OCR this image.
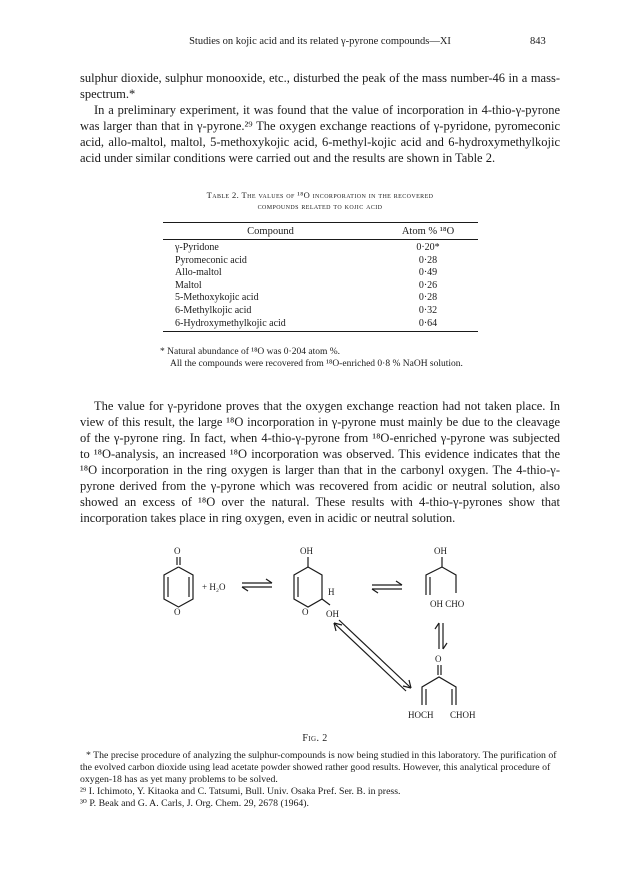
Studies on kojic acid and its related γ-pyrone compounds—XI	843

sulphur dioxide, sulphur monooxide, etc., disturbed the peak of the mass number-46 in a mass-spectrum.*

In a preliminary experiment, it was found that the value of incorporation in 4-thio-γ-pyrone was larger than that in γ-pyrone.²⁹ The oxygen exchange reactions of γ-pyridone, pyromeconic acid, allo-maltol, maltol, 5-methoxykojic acid, 6-methyl-kojic acid and 6-hydroxymethylkojic acid under similar conditions were carried out and the results are shown in Table 2.

Table 2. The values of ¹⁸O incorporation in the recovered
compounds related to kojic acid
Compound	Atom % ¹⁸O
γ-Pyridone	0·20*
Pyromeconic acid	0·28
Allo-maltol	0·49
Maltol	0·26
5-Methoxykojic acid	0·28
6-Methylkojic acid	0·32
6-Hydroxymethylkojic acid	0·64
* Natural abundance of ¹⁸O was 0·204 atom %.
All the compounds were recovered from ¹⁸O-enriched 0·8 % NaOH solution.

The value for γ-pyridone proves that the oxygen exchange reaction had not taken place. In view of this result, the large ¹⁸O incorporation in γ-pyrone must mainly be due to the cleavage of the γ-pyrone ring. In fact, when 4-thio-γ-pyrone from ¹⁸O-enriched γ-pyrone was subjected to ¹⁸O-analysis, an increased ¹⁸O incorporation was observed. This evidence indicates that the ¹⁸O incorporation in the ring oxygen is larger than that in the carbonyl oxygen. The 4-thio-γ-pyrone derived from the γ-pyrone which was recovered from acidic or neutral solution, also showed an excess of ¹⁸O over the natural. These results with 4-thio-γ-pyrones show that incorporation takes place in ring oxygen, even in acidic or neutral solution.

O
O
+ H₂O
OH
O
H
OH
OH
OH CHO
O
HOCH CHOH
Fig. 2

* The precise procedure of analyzing the sulphur-compounds is now being studied in this laboratory. The purification of the evolved carbon dioxide using lead acetate powder showed rather good results. However, this analytical procedure of oxygen-18 has as yet many problems to be solved.

²⁹ I. Ichimoto, Y. Kitaoka and C. Tatsumi, Bull. Univ. Osaka Pref. Ser. B. in press.

³⁰ P. Beak and G. A. Carls, J. Org. Chem. 29, 2678 (1964).
